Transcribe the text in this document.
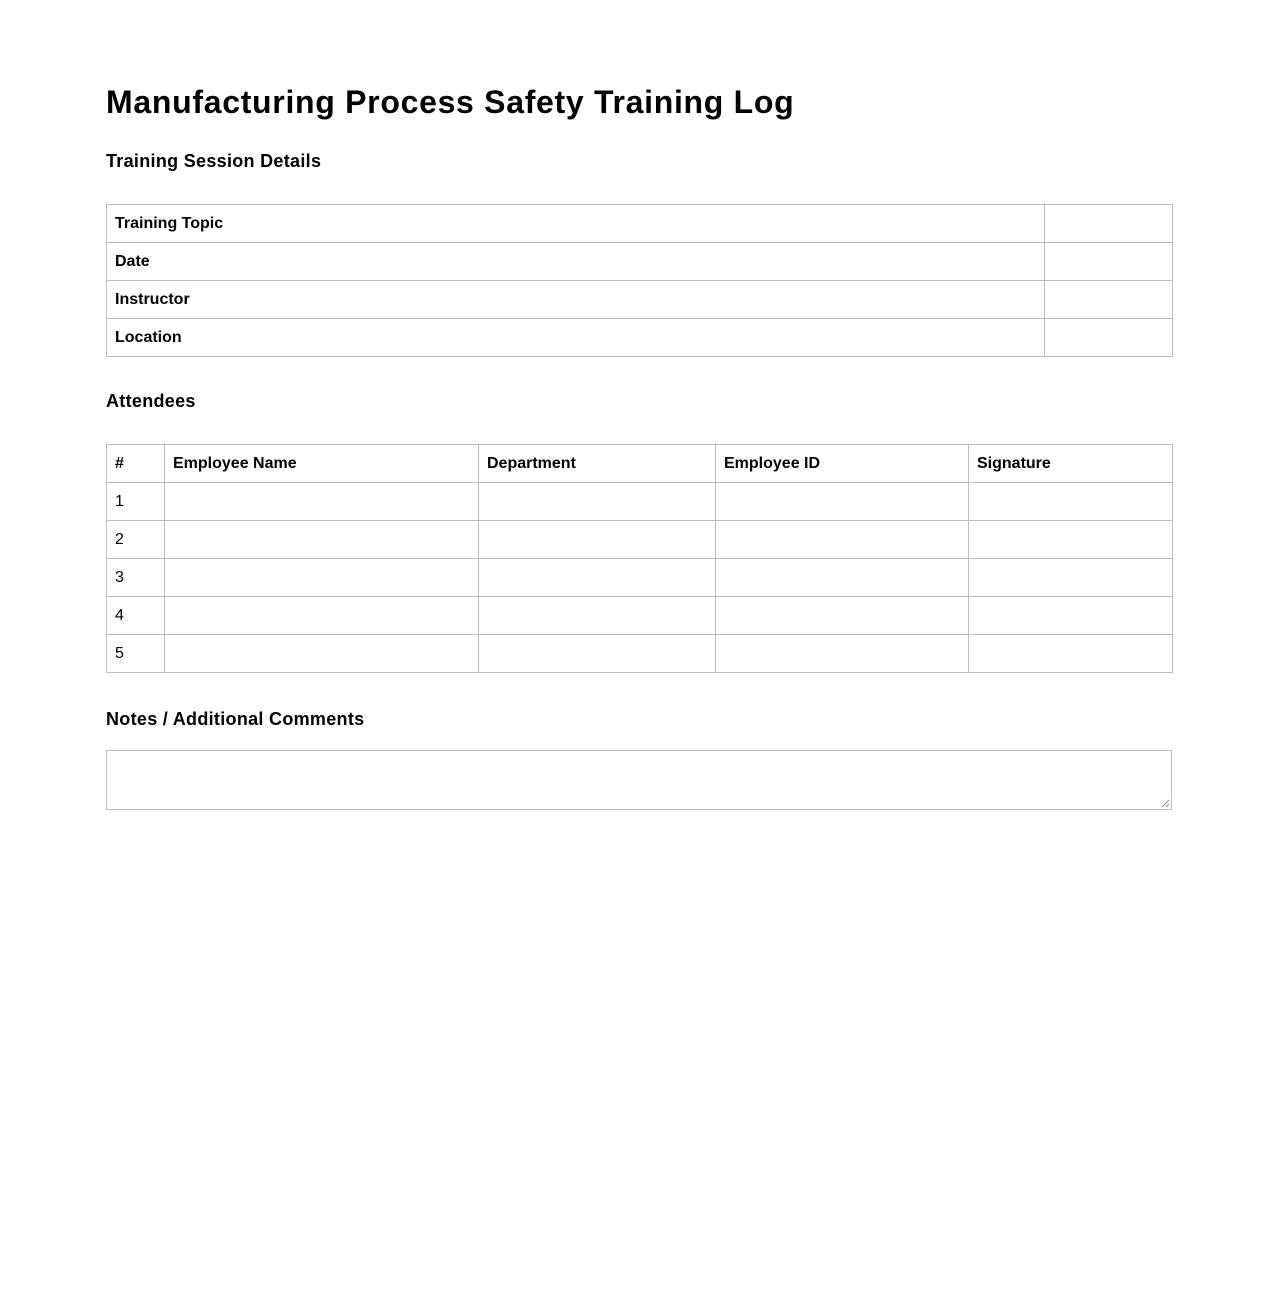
Manufacturing Process Safety Training Log
Training Session Details
Training Topic	
Date	
Instructor	
Location	
Attendees
#	Employee Name	Department	Employee ID	Signature
1				
2				
3				
4				
5				
Notes / Additional Comments
